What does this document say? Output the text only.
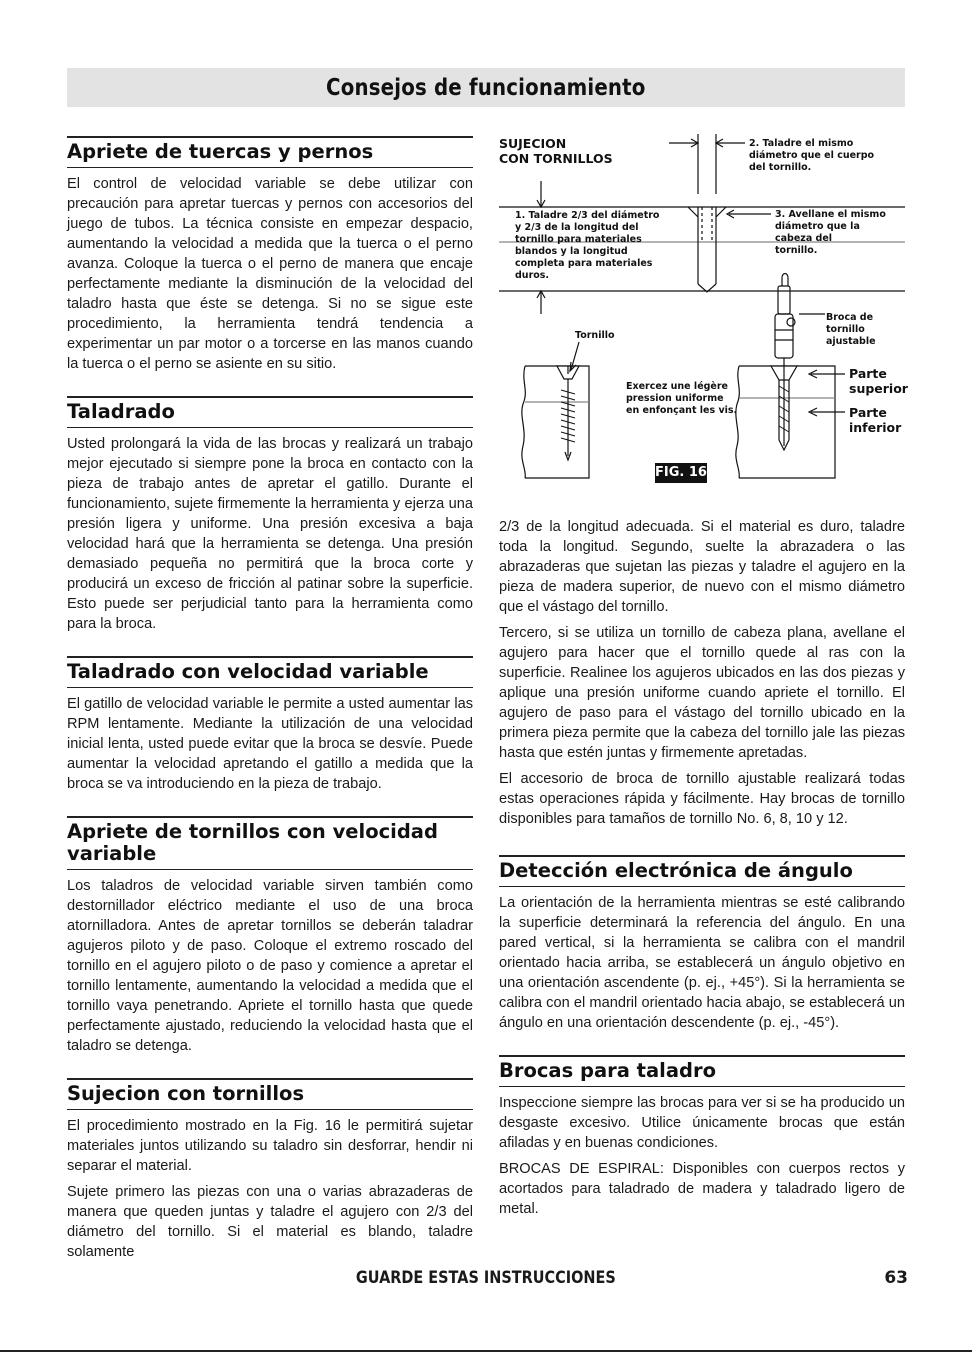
Consejos de funcionamiento
Apriete de tuercas y pernos

El control de velocidad variable se debe utilizar con precaución para apretar tuercas y pernos con accesorios del juego de tubos. La técnica consiste en empezar despacio, aumentando la velocidad a medida que la tuerca o el perno avanza. Coloque la tuerca o el perno de manera que encaje perfectamente mediante la disminución de la velocidad del taladro hasta que éste se detenga. Si no se sigue este procedimiento, la herramienta tendrá tendencia a experimentar un par motor o a torcerse en las manos cuando la tuerca o el perno se asiente en su sitio.

Taladrado

Usted prolongará la vida de las brocas y realizará un trabajo mejor ejecutado si siempre pone la broca en contacto con la pieza de trabajo antes de apretar el gatillo. Durante el funcionamiento, sujete firmemente la herramienta y ejerza una presión ligera y uniforme. Una presión excesiva a baja velocidad hará que la herramienta se detenga. Una presión demasiado pequeña no permitirá que la broca corte y producirá un exceso de fricción al patinar sobre la superficie. Esto puede ser perjudicial tanto para la herramienta como para la broca.

Taladrado con velocidad variable

El gatillo de velocidad variable le permite a usted aumentar las RPM lentamente. Mediante la utilización de una velocidad inicial lenta, usted puede evitar que la broca se desvíe. Puede aumentar la velocidad apretando el gatillo a medida que la broca se va introduciendo en la pieza de trabajo.

Apriete de tornillos con velocidad variable

Los taladros de velocidad variable sirven también como destornillador eléctrico mediante el uso de una broca atornilladora. Antes de apretar tornillos se deberán taladrar agujeros piloto y de paso. Coloque el extremo roscado del tornillo en el agujero piloto o de paso y comience a apretar el tornillo lentamente, aumentando la velocidad a medida que el tornillo vaya penetrando. Apriete el tornillo hasta que quede perfectamente ajustado, reduciendo la velocidad hasta que el taladro se detenga.

Sujecion con tornillos

El procedimiento mostrado en la Fig. 16 le permitirá sujetar materiales juntos utilizando su taladro sin desforrar, hendir ni separar el material.

Sujete primero las piezas con una o varias abrazaderas de manera que queden juntas y taladre el agujero con 2/3 del diámetro del tornillo. Si el material es blando, taladre solamente

SUJECION
CON TORNILLOS
2. Taladre el mismo
diámetro que el cuerpo
del tornillo.
1. Taladre 2/3 del diámetro
y 2/3 de la longitud del
tornillo para materiales
blandos y la longitud
completa para materiales
duros.
3. Avellane el mismo
diámetro que la
cabeza del
tornillo.
Tornillo
Exercez une légère
pression uniforme
en enfonçant les vis.
Broca de
tornillo
ajustable
Parte
superior
Parte
inferior
FIG. 16

2/3 de la longitud adecuada. Si el material es duro, taladre toda la longitud. Segundo, suelte la abrazadera o las abrazaderas que sujetan las piezas y taladre el agujero en la pieza de madera superior, de nuevo con el mismo diámetro que el vástago del tornillo.

Tercero, si se utiliza un tornillo de cabeza plana, avellane el agujero para hacer que el tornillo quede al ras con la superficie. Realinee los agujeros ubicados en las dos piezas y aplique una presión uniforme cuando apriete el tornillo. El agujero de paso para el vástago del tornillo ubicado en la primera pieza permite que la cabeza del tornillo jale las piezas hasta que estén juntas y firmemente apretadas.

El accesorio de broca de tornillo ajustable realizará todas estas operaciones rápida y fácilmente. Hay brocas de tornillo disponibles para tamaños de tornillo No. 6, 8, 10 y 12.

Detección electrónica de ángulo

La orientación de la herramienta mientras se esté calibrando la superficie determinará la referencia del ángulo. En una pared vertical, si la herramienta se calibra con el mandril orientado hacia arriba, se establecerá un ángulo objetivo en una orientación ascendente (p. ej., +45°). Si la herramienta se calibra con el mandril orientado hacia abajo, se establecerá un ángulo en una orientación descendente (p. ej., -45°).

Brocas para taladro

Inspeccione siempre las brocas para ver si se ha producido un desgaste excesivo. Utilice únicamente brocas que están afiladas y en buenas condiciones.

BROCAS DE ESPIRAL: Disponibles con cuerpos rectos y acortados para taladrado de madera y taladrado ligero de metal.

GUARDE ESTAS INSTRUCCIONES	63
